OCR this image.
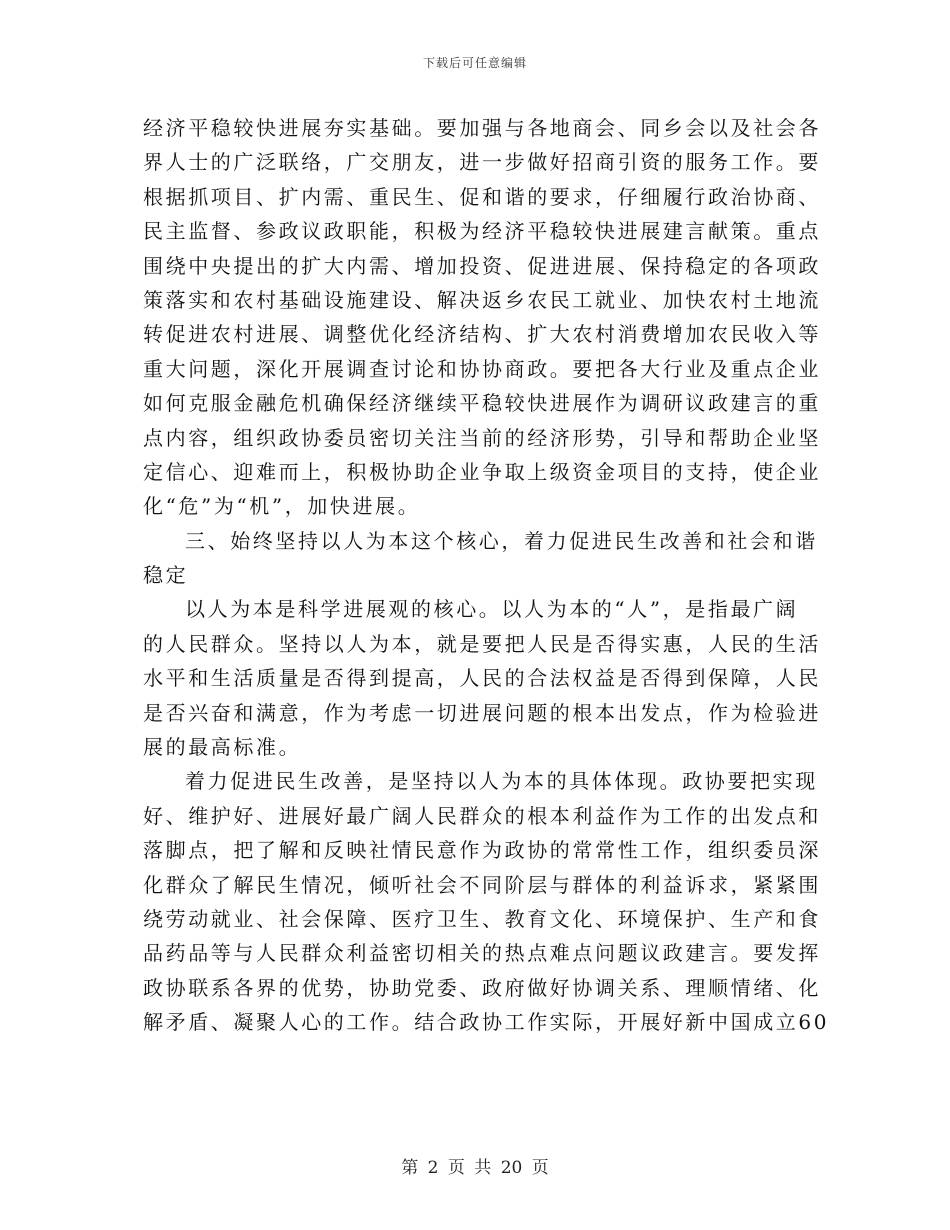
下载后可任意编辑
经济平稳较快进展夯实基础。要加强与各地商会、同乡会以及社会各
界人士的广泛联络，广交朋友，进一步做好招商引资的服务工作。要
根据抓项目、扩内需、重民生、促和谐的要求，仔细履行政治协商、
民主监督、参政议政职能，积极为经济平稳较快进展建言献策。重点
围绕中央提出的扩大内需、增加投资、促进进展、保持稳定的各项政
策落实和农村基础设施建设、解决返乡农民工就业、加快农村土地流
转促进农村进展、调整优化经济结构、扩大农村消费增加农民收入等
重大问题，深化开展调查讨论和协协商政。要把各大行业及重点企业
如何克服金融危机确保经济继续平稳较快进展作为调研议政建言的重
点内容，组织政协委员密切关注当前的经济形势，引导和帮助企业坚
定信心、迎难而上，积极协助企业争取上级资金项目的支持，使企业
化“危”为“机”，加快进展。
三、始终坚持以人为本这个核心，着力促进民生改善和社会和谐
稳定
以人为本是科学进展观的核心。以人为本的“人”，是指最广阔
的人民群众。坚持以人为本，就是要把人民是否得实惠，人民的生活
水平和生活质量是否得到提高，人民的合法权益是否得到保障，人民
是否兴奋和满意，作为考虑一切进展问题的根本出发点，作为检验进
展的最高标准。
着力促进民生改善，是坚持以人为本的具体体现。政协要把实现
好、维护好、进展好最广阔人民群众的根本利益作为工作的出发点和
落脚点，把了解和反映社情民意作为政协的常常性工作，组织委员深
化群众了解民生情况，倾听社会不同阶层与群体的利益诉求，紧紧围
绕劳动就业、社会保障、医疗卫生、教育文化、环境保护、生产和食
品药品等与人民群众利益密切相关的热点难点问题议政建言。要发挥
政协联系各界的优势，协助党委、政府做好协调关系、理顺情绪、化
解矛盾、凝聚人心的工作。结合政协工作实际，开展好新中国成立60
第 2 页 共 20 页
